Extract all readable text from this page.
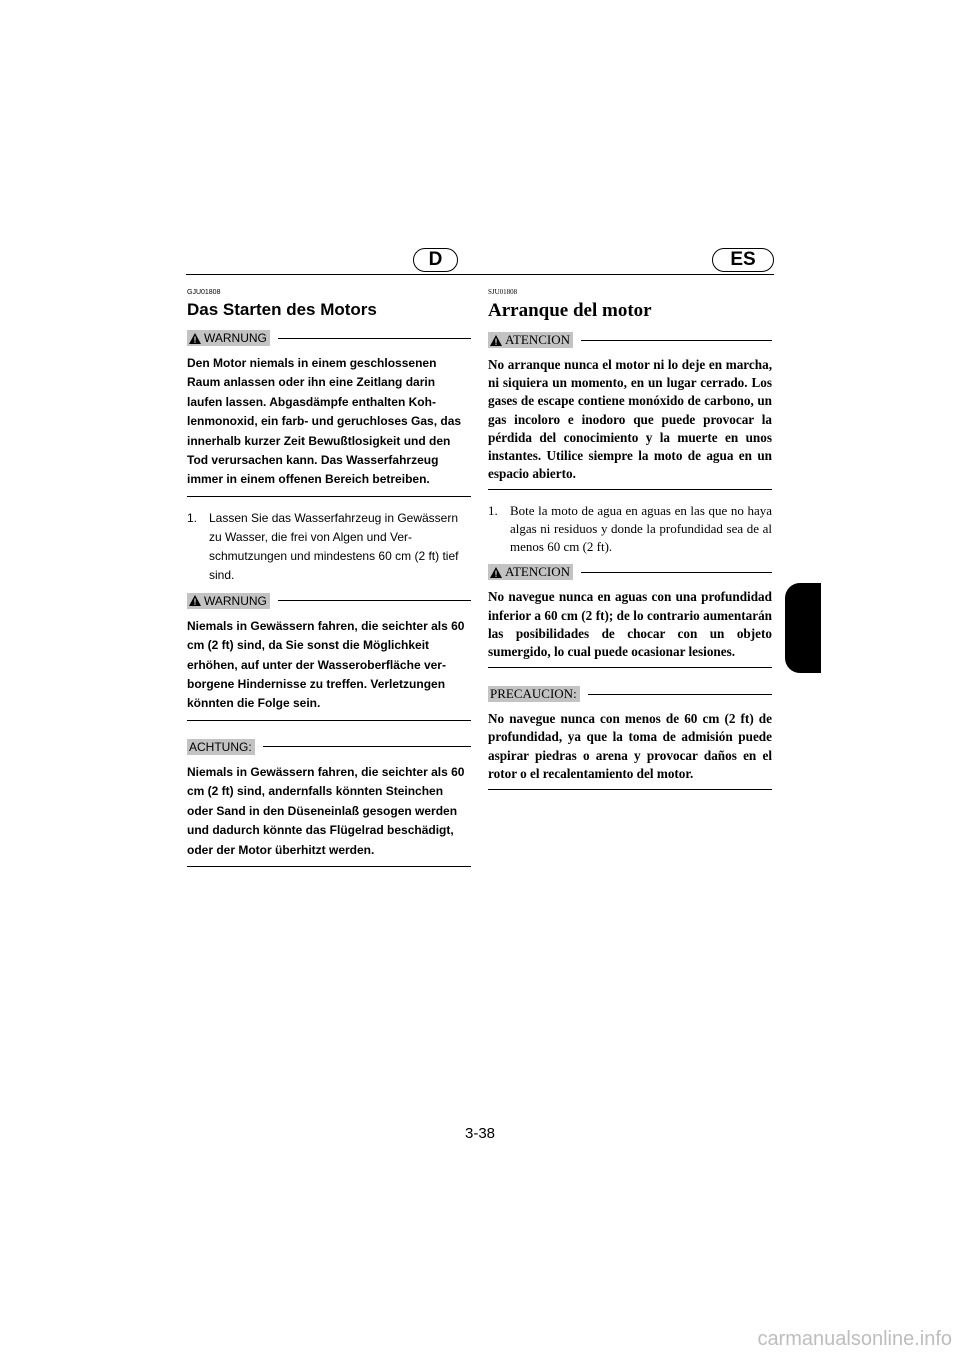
D	ES

GJU01808

Das Starten des Motors
WARNUNG

Den Motor niemals in einem geschlossenen Raum anlassen oder ihn eine Zeitlang darin laufen lassen. Abgasdämpfe enthalten Kohlenmonoxid, ein farb- und geruchloses Gas, das innerhalb kurzer Zeit Bewußtlosigkeit und den Tod verursachen kann. Das Wasserfahrzeug immer in einem offenen Bereich betreiben.

1. Lassen Sie das Wasserfahrzeug in Gewässern zu Wasser, die frei von Algen und Verschmutzungen und mindestens 60 cm (2 ft) tief sind.
WARNUNG

Niemals in Gewässern fahren, die seichter als 60 cm (2 ft) sind, da Sie sonst die Möglichkeit erhöhen, auf unter der Wasseroberfläche verborgene Hindernisse zu treffen. Verletzungen könnten die Folge sein.

ACHTUNG:

Niemals in Gewässern fahren, die seichter als 60 cm (2 ft) sind, andernfalls könnten Steinchen oder Sand in den Düseneinlaß gesogen werden und dadurch könnte das Flügelrad beschädigt, oder der Motor überhitzt werden.

SJU01808

Arranque del motor
ATENCION

No arranque nunca el motor ni lo deje en marcha, ni siquiera un momento, en un lugar cerrado. Los gases de escape contiene monóxido de carbono, un gas incoloro e inodoro que puede provocar la pérdida del conocimiento y la muerte en unos instantes. Utilice siempre la moto de agua en un espacio abierto.

1. Bote la moto de agua en aguas en las que no haya algas ni residuos y donde la profundidad sea de al menos 60 cm (2 ft).
ATENCION

No navegue nunca en aguas con una profundidad inferior a 60 cm (2 ft); de lo contrario aumentarán las posibilidades de chocar con un objeto sumergido, lo cual puede ocasionar lesiones.

PRECAUCION:

No navegue nunca con menos de 60 cm (2 ft) de profundidad, ya que la toma de admisión puede aspirar piedras o arena y provocar daños en el rotor o el recalentamiento del motor.

3-38
carmanualsonline.info
